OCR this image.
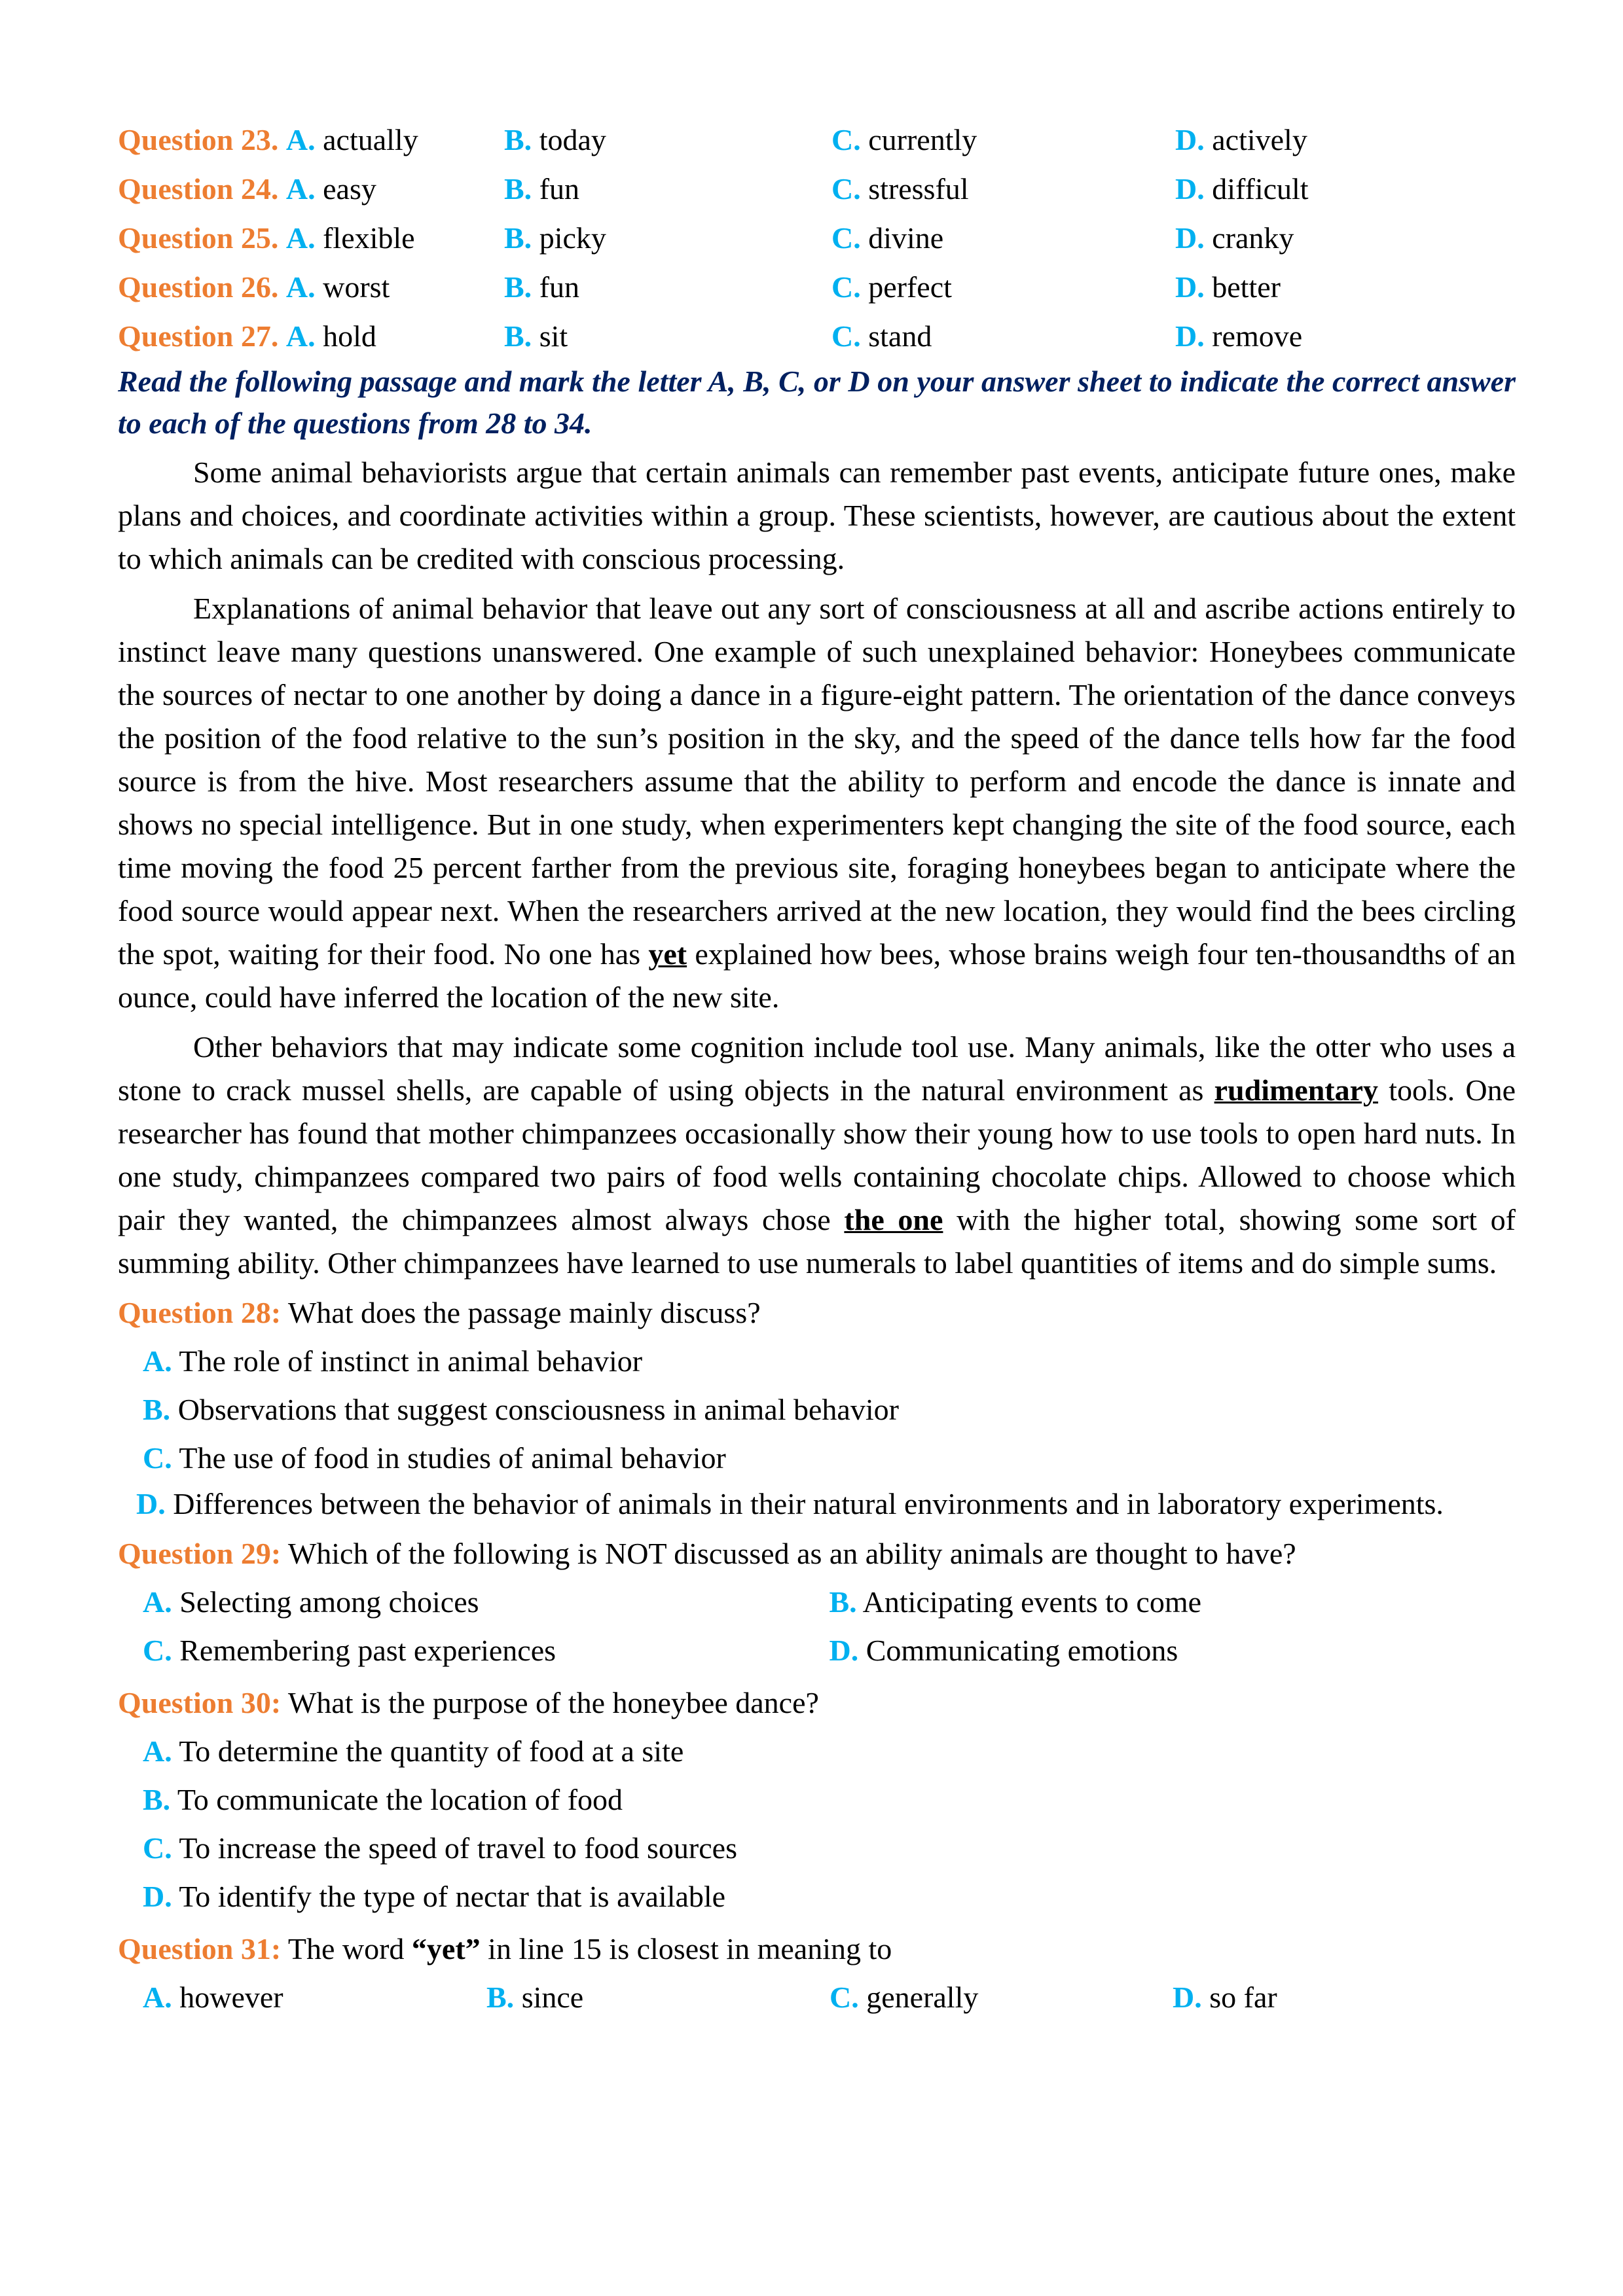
Question 23. A. actually	B. today	C. currently	D. actively
Question 24. A. easy	B. fun	C. stressful	D. difficult
Question 25. A. flexible	B. picky	C. divine	D. cranky
Question 26. A. worst	B. fun	C. perfect	D. better
Question 27. A. hold	B. sit	C. stand	D. remove
Read the following passage and mark the letter A, B, C, or D on your answer sheet to indicate the correct answer to each of the questions from 28 to 34.
Some animal behaviorists argue that certain animals can remember past events, anticipate future ones, make plans and choices, and coordinate activities within a group. These scientists, however, are cautious about the extent to which animals can be credited with conscious processing.
Explanations of animal behavior that leave out any sort of consciousness at all and ascribe actions entirely to instinct leave many questions unanswered. One example of such unexplained behavior: Honeybees communicate the sources of nectar to one another by doing a dance in a figure-eight pattern. The orientation of the dance conveys the position of the food relative to the sun’s position in the sky, and the speed of the dance tells how far the food source is from the hive. Most researchers assume that the ability to perform and encode the dance is innate and shows no special intelligence. But in one study, when experimenters kept changing the site of the food source, each time moving the food 25 percent farther from the previous site, foraging honeybees began to anticipate where the food source would appear next. When the researchers arrived at the new location, they would find the bees circling the spot, waiting for their food. No one has yet explained how bees, whose brains weigh four ten-thousandths of an ounce, could have inferred the location of the new site.
Other behaviors that may indicate some cognition include tool use. Many animals, like the otter who uses a stone to crack mussel shells, are capable of using objects in the natural environment as rudimentary tools. One researcher has found that mother chimpanzees occasionally show their young how to use tools to open hard nuts. In one study, chimpanzees compared two pairs of food wells containing chocolate chips. Allowed to choose which pair they wanted, the chimpanzees almost always chose the one with the higher total, showing some sort of summing ability. Other chimpanzees have learned to use numerals to label quantities of items and do simple sums.
Question 28: What does the passage mainly discuss?
A. The role of instinct in animal behavior
B. Observations that suggest consciousness in animal behavior
C. The use of food in studies of animal behavior
D. Differences between the behavior of animals in their natural environments and in laboratory experiments.
Question 29: Which of the following is NOT discussed as an ability animals are thought to have?
A. Selecting among choices	B. Anticipating events to come
C. Remembering past experiences	D. Communicating emotions
Question 30: What is the purpose of the honeybee dance?
A. To determine the quantity of food at a site
B. To communicate the location of food
C. To increase the speed of travel to food sources
D. To identify the type of nectar that is available
Question 31: The word “yet” in line 15 is closest in meaning to
A. however	B. since	C. generally	D. so far
